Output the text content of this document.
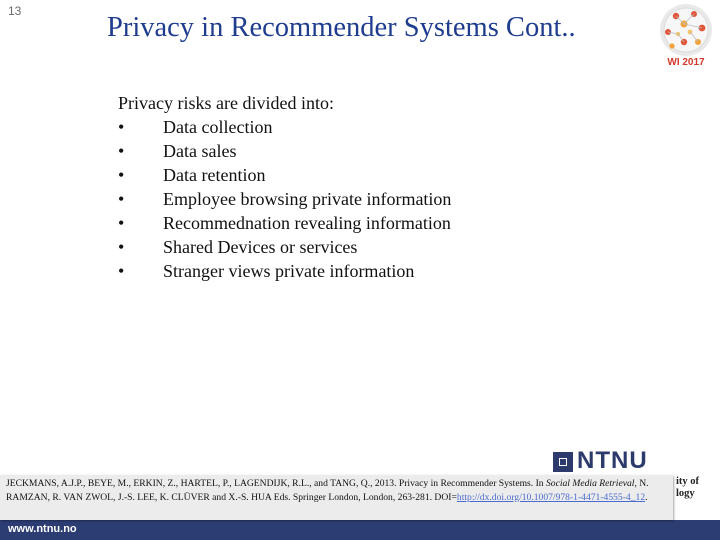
13
Privacy in Recommender Systems Cont..
WI 2017
Privacy risks are divided into:
•	Data collection
•	Data sales
•	Data retention
•	Employee browsing private information
•	Recommednation revealing information
•	Shared Devices or services
•	Stranger views private information
NTNU
ity of
logy
www.ntnu.no
JECKMANS, A.J.P., BEYE, M., ERKIN, Z., HARTEL, P., LAGENDIJK, R.L., and TANG, Q., 2013. Privacy in Recommender Systems. In Social Media Retrieval, N. RAMZAN, R. VAN ZWOL, J.-S. LEE, K. CLÜVER and X.-S. HUA Eds. Springer London, London, 263-281. DOI=http://dx.doi.org/10.1007/978-1-4471-4555-4_12.
